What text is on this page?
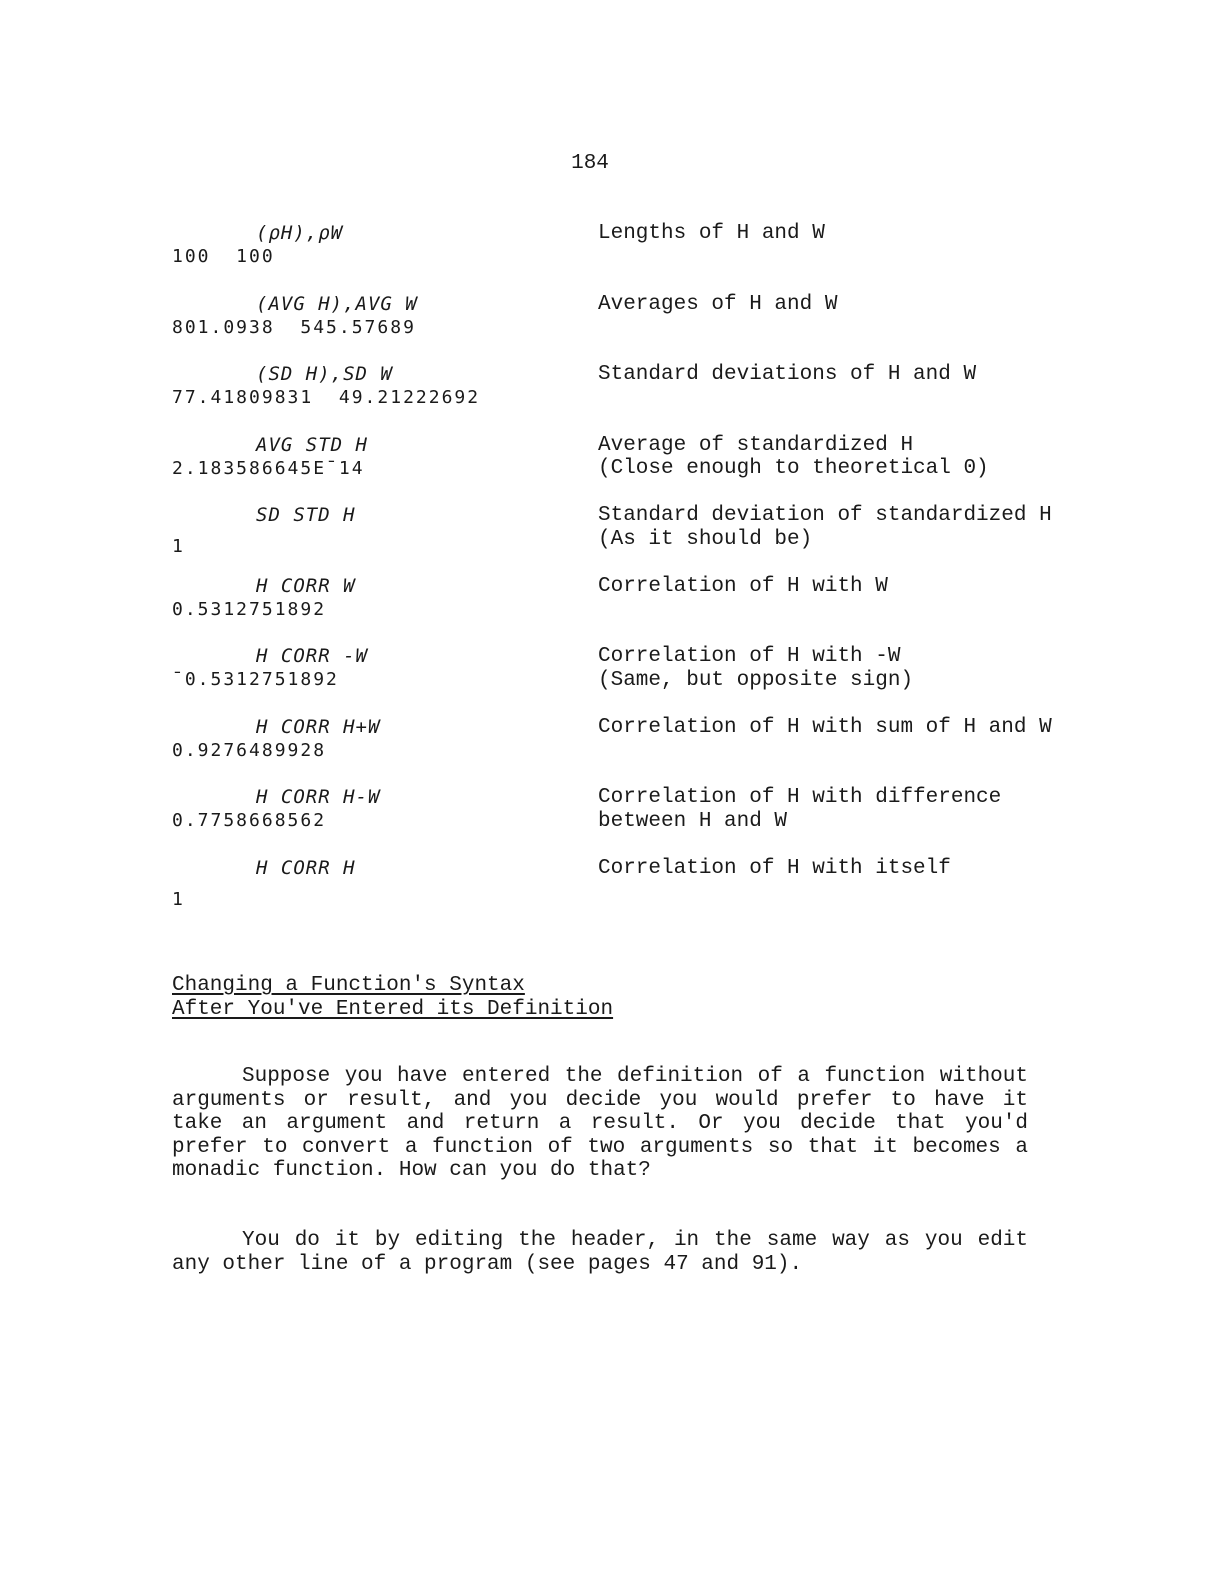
184
(ρH),ρW
100  100
Lengths of H and W
(AVG H),AVG W
801.0938  545.57689
Averages of H and W
(SD H),SD W
77.41809831  49.21222692
Standard deviations of H and W
AVG STD H
2.183586645E¯14
Average of standardized H
(Close enough to theoretical 0)
SD STD H
1
Standard deviation of standardized H
(As it should be)
H CORR W
0.5312751892
Correlation of H with W
H CORR -W
¯0.5312751892
Correlation of H with -W
(Same, but opposite sign)
H CORR H+W
0.9276489928
Correlation of H with sum of H and W
H CORR H-W
0.7758668562
Correlation of H with difference
between H and W
H CORR H
1
Correlation of H with itself
Changing a Function's Syntax
After You've Entered its Definition

Suppose you have entered the definition of a function without arguments or result, and you decide you would prefer to have it take an argument and return a result. Or you decide that you'd prefer to convert a function of two arguments so that it becomes a monadic function. How can you do that?

You do it by editing the header, in the same way as you edit any other line of a program (see pages 47 and 91).
